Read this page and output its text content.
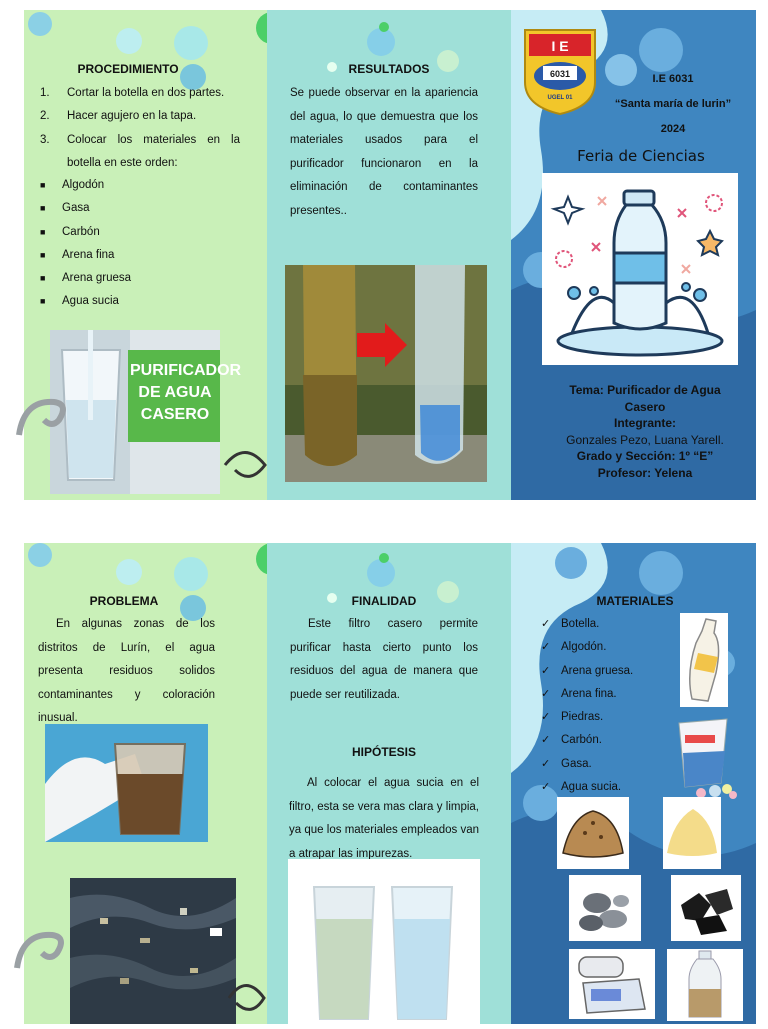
PROCEDIMIENTO
1.	Cortar la botella en dos partes.
2.	Hacer agujero en la tapa.
3.	Colocar los materiales en la
botella en este orden:
■	Algodón
■	Gasa
■	Carbón
■	Arena fina
■	Arena gruesa
■	Agua sucia
PURIFICADOR
DE AGUA
CASERO
RESULTADOS
Se puede observar en la apariencia del agua, lo que demuestra que los materiales usados para el purificador funcionaron en la eliminación de contaminantes presentes..
6031
UGEL 01
I E
I.E 6031
“Santa maría de lurin”
2024
Feria de Ciencias
Tema: Purificador de Agua
Casero
Integrante:
Gonzales Pezo, Luana Yarell.
Grado y Sección: 1º “E”
Profesor: Yelena
PROBLEMA
En algunas zonas de los distritos de Lurín, el agua presenta residuos solidos contaminantes y coloración inusual.
FINALIDAD
Este filtro casero permite purificar hasta cierto punto los residuos del agua de manera que puede ser reutilizada.
HIPÓTESIS
Al colocar el agua sucia en el filtro, esta se vera mas clara y limpia, ya que los materiales empleados van a atrapar las impurezas.
MATERIALES
✓ Botella.
✓ Algodón.
✓ Arena gruesa.
✓ Arena fina.
✓ Piedras.
✓ Carbón.
✓ Gasa.
✓ Agua sucia.
